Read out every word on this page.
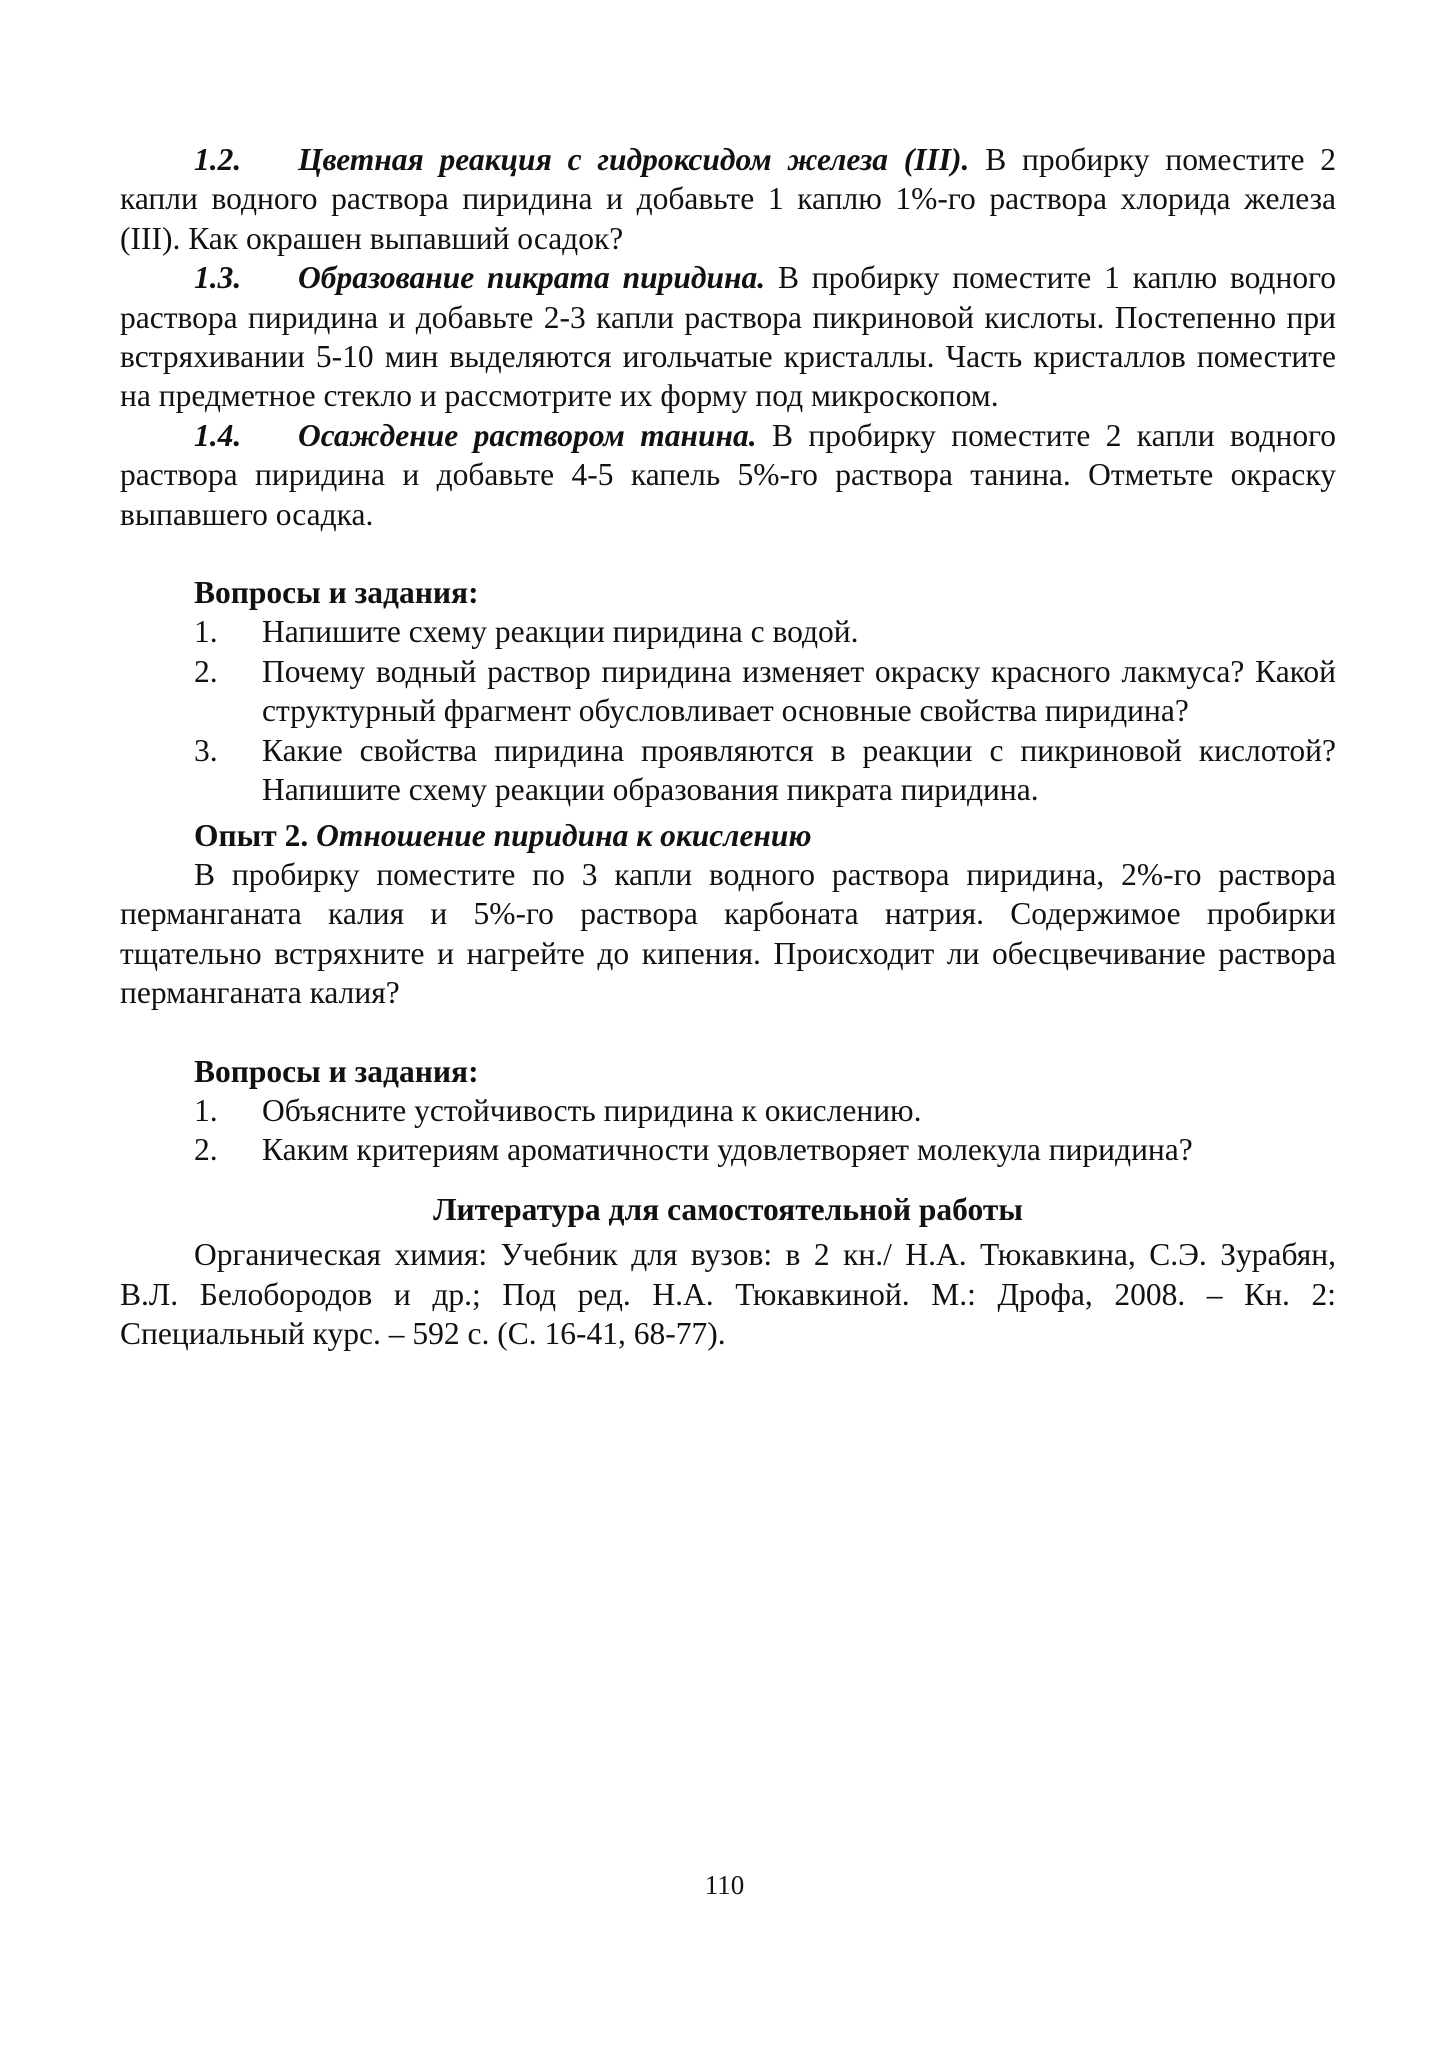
1.2. Цветная реакция с гидроксидом железа (III). В пробирку поместите 2 капли водного раствора пиридина и добавьте 1 каплю 1%-го раствора хлорида железа (III). Как окрашен выпавший осадок?

1.3. Образование пикрата пиридина. В пробирку поместите 1 каплю водного раствора пиридина и добавьте 2-3 капли раствора пикриновой кислоты. Постепенно при встряхивании 5-10 мин выделяются игольчатые кристаллы. Часть кристаллов поместите на предметное стекло и рассмотрите их форму под микроскопом.

1.4. Осаждение раствором танина. В пробирку поместите 2 капли водного раствора пиридина и добавьте 4-5 капель 5%-го раствора танина. Отметьте окраску выпавшего осадка.

Вопросы и задания:

1.	Напишите схему реакции пиридина с водой.
2.	Почему водный раствор пиридина изменяет окраску красного лакмуса? Какой структурный фрагмент обусловливает основные свойства пиридина?
3.	Какие свойства пиридина проявляются в реакции с пикриновой кислотой? Напишите схему реакции образования пикрата пиридина.

Опыт 2. Отношение пиридина к окислению

В пробирку поместите по 3 капли водного раствора пиридина, 2%-го раствора перманганата калия и 5%-го раствора карбоната натрия. Содержимое пробирки тщательно встряхните и нагрейте до кипения. Происходит ли обесцвечивание раствора перманганата калия?

Вопросы и задания:

1.	Объясните устойчивость пиридина к окислению.
2.	Каким критериям ароматичности удовлетворяет молекула пиридина?

Литература для самостоятельной работы

Органическая химия: Учебник для вузов: в 2 кн./ Н.А. Тюкавкина, С.Э. Зурабян, В.Л. Белобородов и др.; Под ред. Н.А. Тюкавкиной. М.: Дрофа, 2008. – Кн. 2: Специальный курс. – 592 с. (С. 16-41, 68-77).

110
